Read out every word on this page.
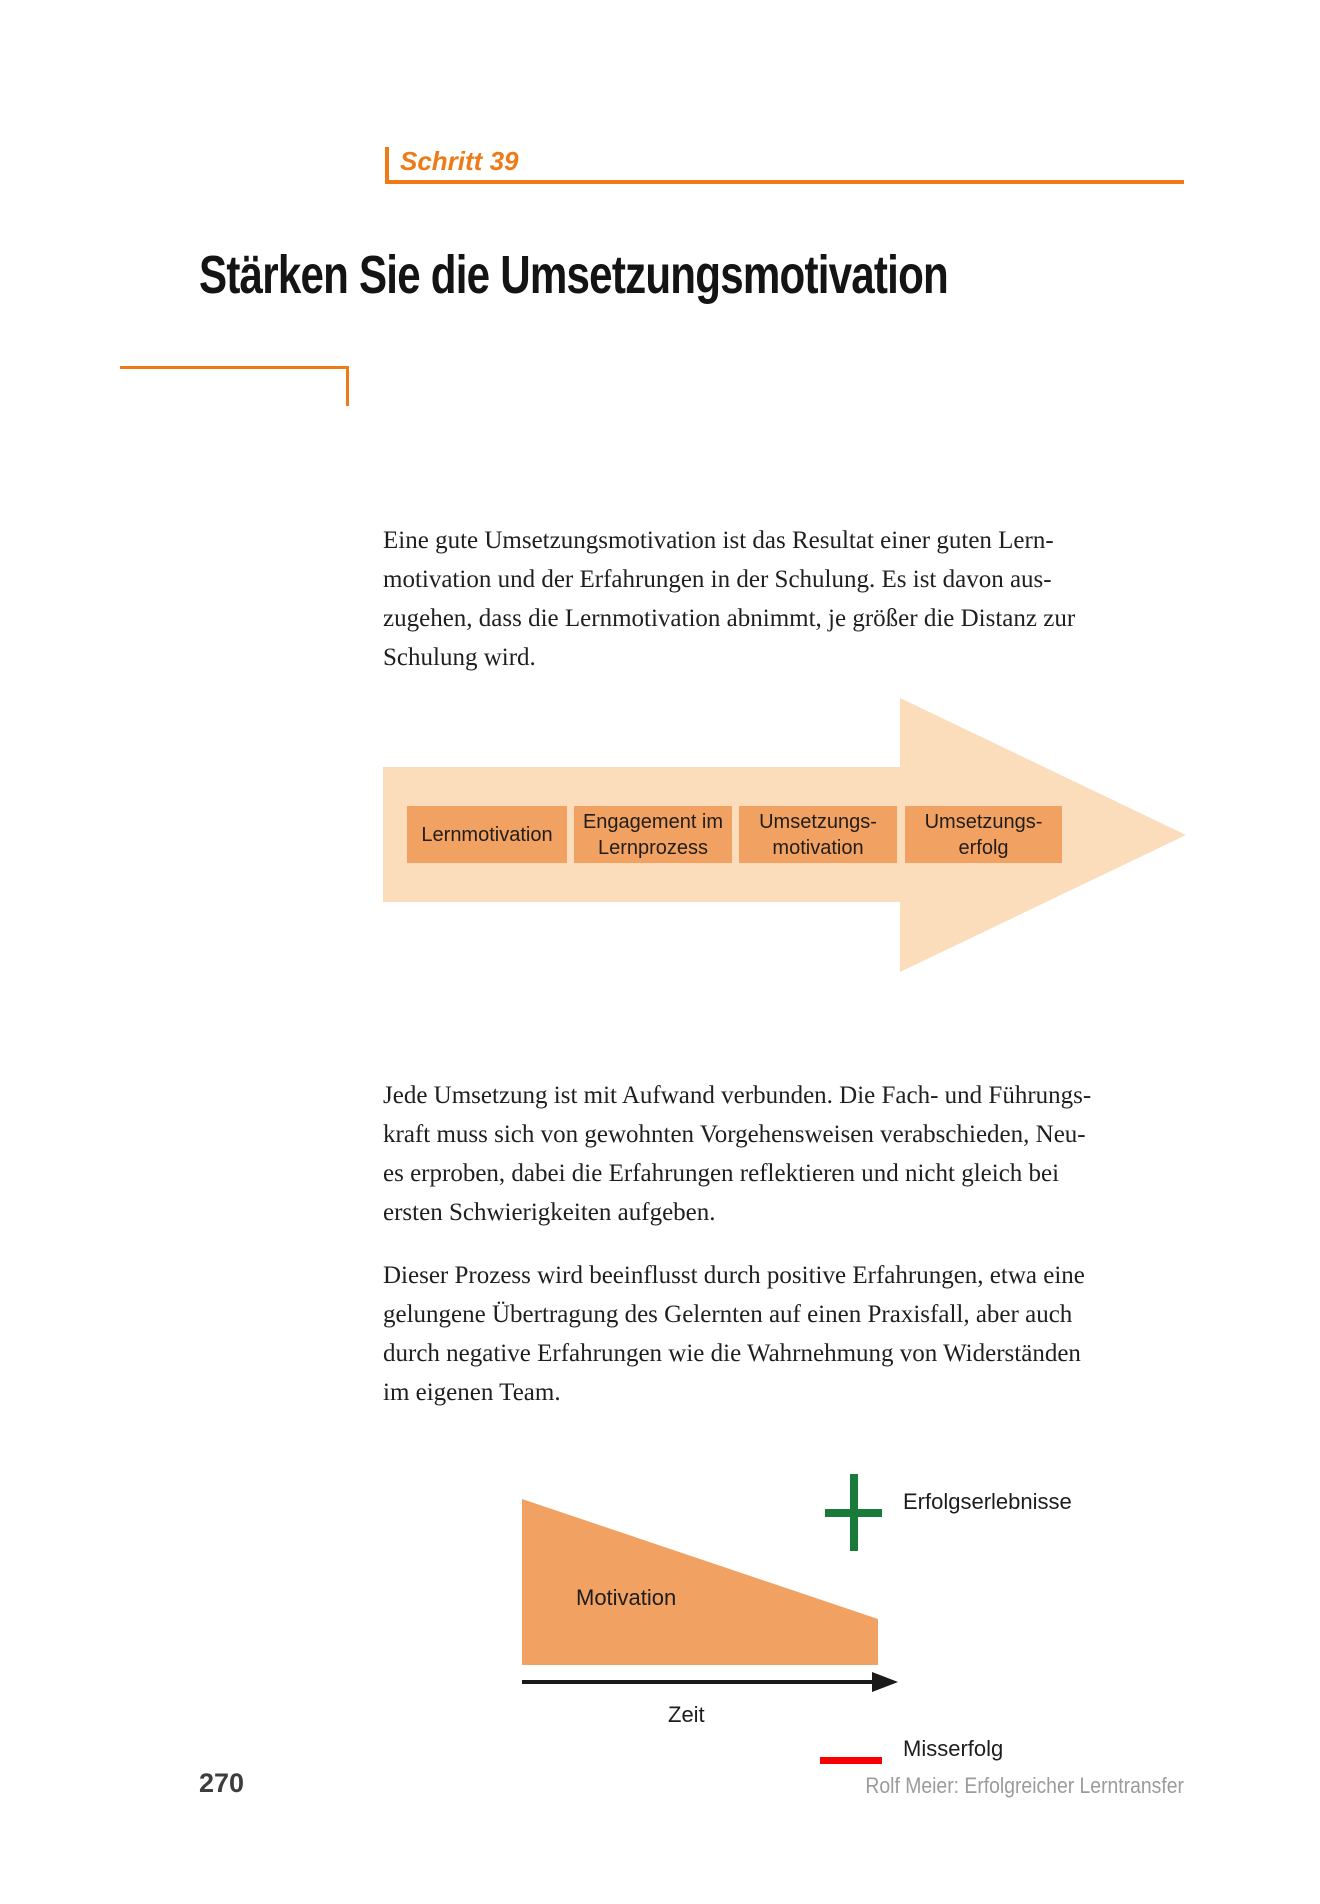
Schritt 39
Stärken Sie die Umsetzungsmotivation
Eine gute Umsetzungsmotivation ist das Resultat einer guten Lern-
motivation und der Erfahrungen in der Schulung. Es ist davon aus-
zugehen, dass die Lernmotivation abnimmt, je größer die Distanz zur
Schulung wird.
Lernmotivation
Engagement im
Lernprozess
Umsetzungs-
motivation
Umsetzungs-
erfolg
Jede Umsetzung ist mit Aufwand verbunden. Die Fach- und Führungs-
kraft muss sich von gewohnten Vorgehensweisen verabschieden, Neu-
es erproben, dabei die Erfahrungen reflektieren und nicht gleich bei
ersten Schwierigkeiten aufgeben.
Dieser Prozess wird beeinflusst durch positive Erfahrungen, etwa eine
gelungene Übertragung des Gelernten auf einen Praxisfall, aber auch
durch negative Erfahrungen wie die Wahrnehmung von Widerständen
im eigenen Team.
Motivation
Zeit
Erfolgserlebnisse
Misserfolg
270	Rolf Meier: Erfolgreicher Lerntransfer
